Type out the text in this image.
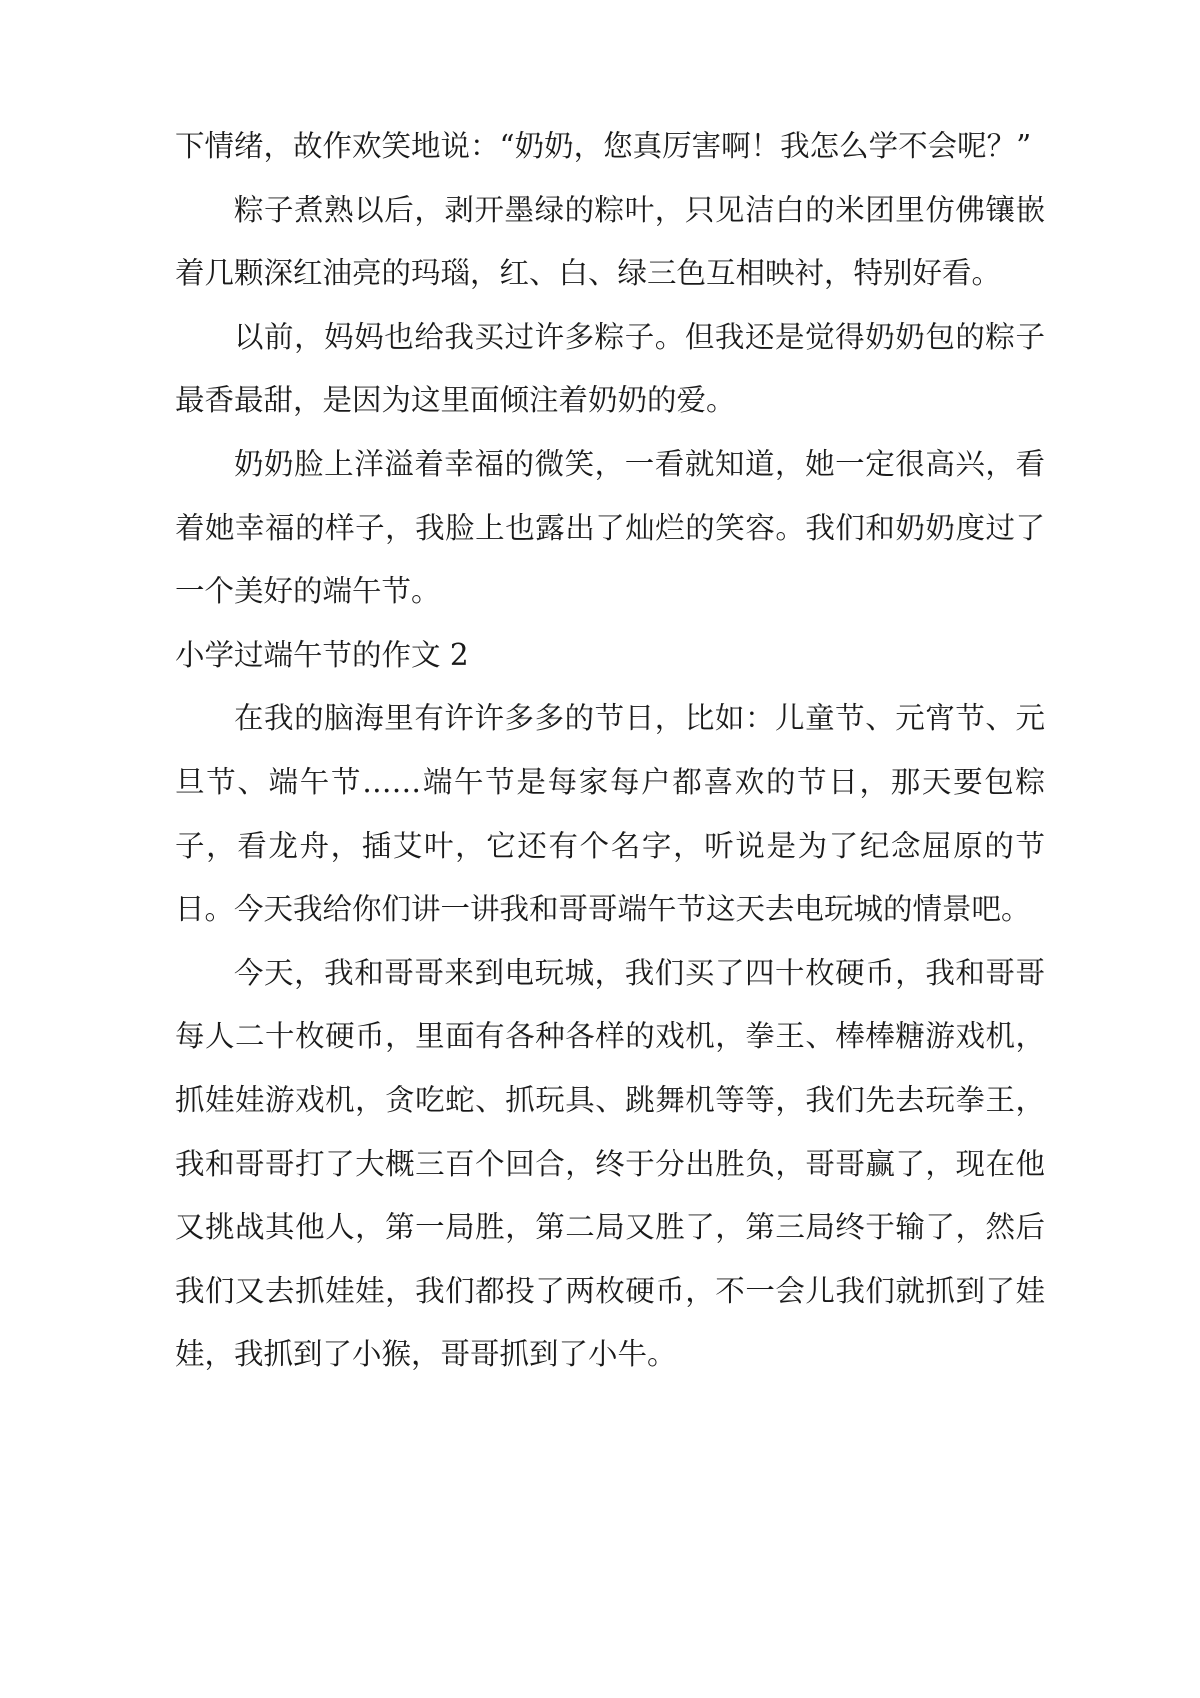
下情绪，故作欢笑地说：“奶奶，您真厉害啊！我怎么学不会呢？”

粽子煮熟以后，剥开墨绿的粽叶，只见洁白的米团里仿佛镶嵌着几颗深红油亮的玛瑙，红、白、绿三色互相映衬，特别好看。

以前，妈妈也给我买过许多粽子。但我还是觉得奶奶包的粽子最香最甜，是因为这里面倾注着奶奶的爱。

奶奶脸上洋溢着幸福的微笑，一看就知道，她一定很高兴，看着她幸福的样子，我脸上也露出了灿烂的笑容。我们和奶奶度过了一个美好的端午节。

小学过端午节的作文 2

在我的脑海里有许许多多的节日，比如：儿童节、元宵节、元旦节、端午节……端午节是每家每户都喜欢的节日，那天要包粽子，看龙舟，插艾叶，它还有个名字，听说是为了纪念屈原的节日。今天我给你们讲一讲我和哥哥端午节这天去电玩城的情景吧。

今天，我和哥哥来到电玩城，我们买了四十枚硬币，我和哥哥每人二十枚硬币，里面有各种各样的戏机，拳王、棒棒糖游戏机，抓娃娃游戏机，贪吃蛇、抓玩具、跳舞机等等，我们先去玩拳王，我和哥哥打了大概三百个回合，终于分出胜负，哥哥赢了，现在他又挑战其他人，第一局胜，第二局又胜了，第三局终于输了，然后我们又去抓娃娃，我们都投了两枚硬币，不一会儿我们就抓到了娃娃，我抓到了小猴，哥哥抓到了小牛。
